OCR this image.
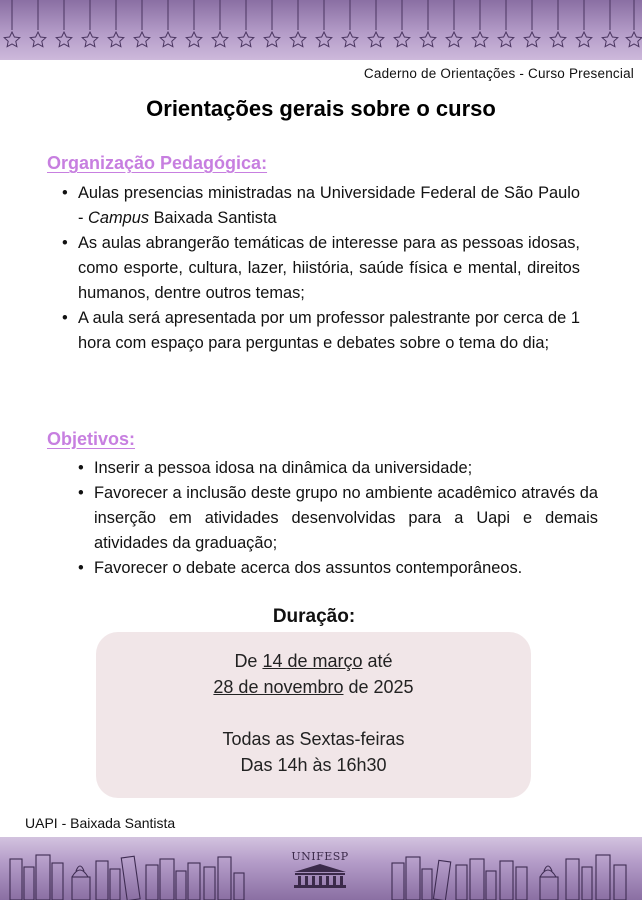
Caderno de Orientações - Curso Presencial
Orientações gerais sobre o curso
Organização Pedagógica:
• Aulas presencias ministradas na Universidade Federal de São Paulo - Campus Baixada Santista
• As aulas abrangerão temáticas de interesse para as pessoas idosas, como esporte, cultura, lazer, hiistória, saúde física e mental, direitos humanos, dentre outros temas;
• A aula será apresentada por um professor palestrante por cerca de 1 hora com espaço para perguntas e debates sobre o tema do dia;
Objetivos:
• Inserir a pessoa idosa na dinâmica da universidade;
• Favorecer a inclusão deste grupo no ambiente acadêmico através da inserção em atividades desenvolvidas para a Uapi e demais atividades da graduação;
• Favorecer o debate acerca dos assuntos contemporâneos.
Duração:
De 14 de março até
28 de novembro de 2025
Todas as Sextas-feiras
Das 14h às 16h30
UAPI - Baixada Santista
UNIFESP
